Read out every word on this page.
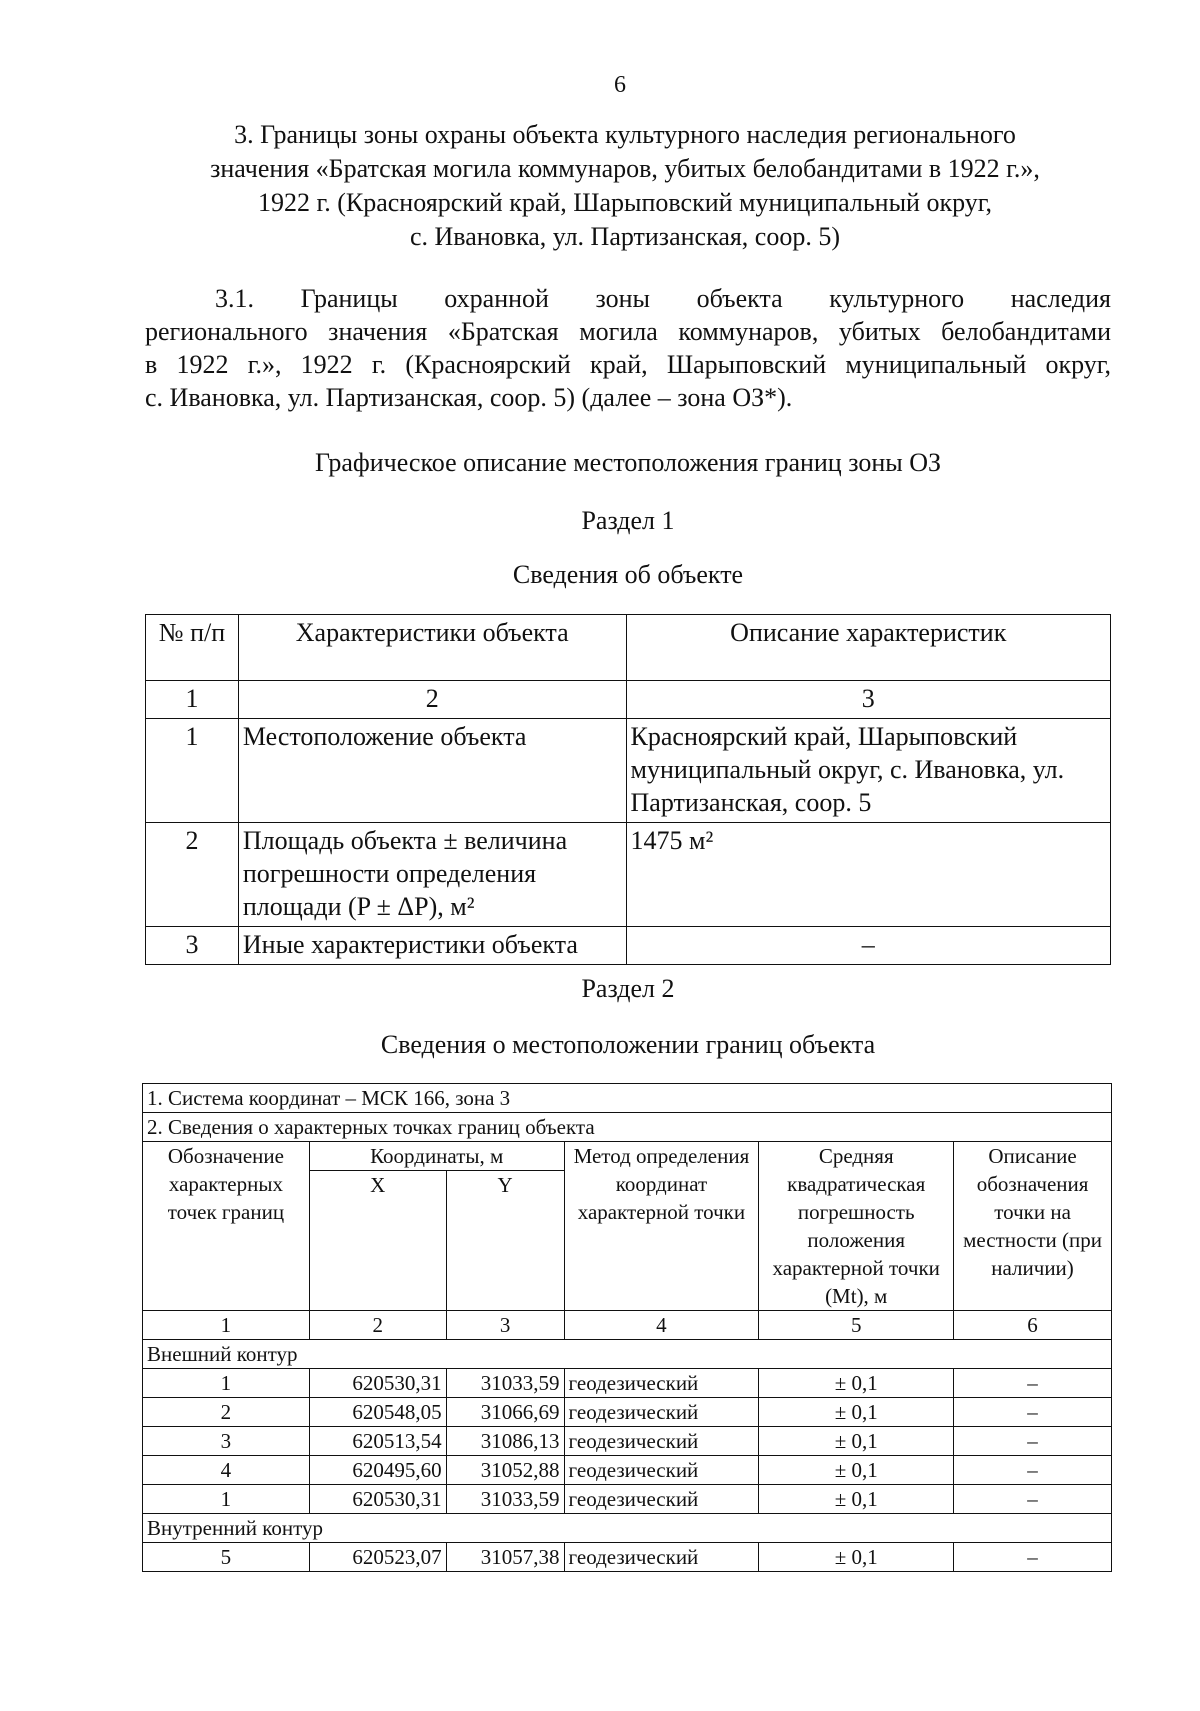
6
3. Границы зоны охраны объекта культурного наследия регионального
значения «Братская могила коммунаров, убитых белобандитами в 1922 г.»,
1922 г. (Красноярский край, Шарыповский муниципальный округ,
с. Ивановка, ул. Партизанская, соор. 5)
3.1. Границы охранной зоны объекта культурного наследия
регионального значения «Братская могила коммунаров, убитых белобандитами
в 1922 г.», 1922 г. (Красноярский край, Шарыповский муниципальный округ,
с. Ивановка, ул. Партизанская, соор. 5) (далее – зона ОЗ*).
Графическое описание местоположения границ зоны ОЗ
Раздел 1
Сведения об объекте
№ п/п	Характеристики объекта	Описание характеристик
1	2	3
1	Местоположение объекта	Красноярский край, Шарыповский муниципальный округ, с. Ивановка, ул. Партизанская, соор. 5
2	Площадь объекта ± величина погрешности определения площади (P ± ΔP), м²	1475 м²
3	Иные характеристики объекта	–
Раздел 2
Сведения о местоположении границ объекта
1. Система координат – МСК 166, зона 3					
2. Сведения о характерных точках границ объекта					
Обозначение характерных точек границ	Координаты, м		Метод определения координат характерной точки	Средняя квадратическая погрешность положения характерной точки (Mt), м	Описание обозначения точки на местности (при наличии)
	X	Y			
1	2	3	4	5	6
Внешний контур					
1	620530,31	31033,59	геодезический	± 0,1	–
2	620548,05	31066,69	геодезический	± 0,1	–
3	620513,54	31086,13	геодезический	± 0,1	–
4	620495,60	31052,88	геодезический	± 0,1	–
1	620530,31	31033,59	геодезический	± 0,1	–
Внутренний контур					
5	620523,07	31057,38	геодезический	± 0,1	–
